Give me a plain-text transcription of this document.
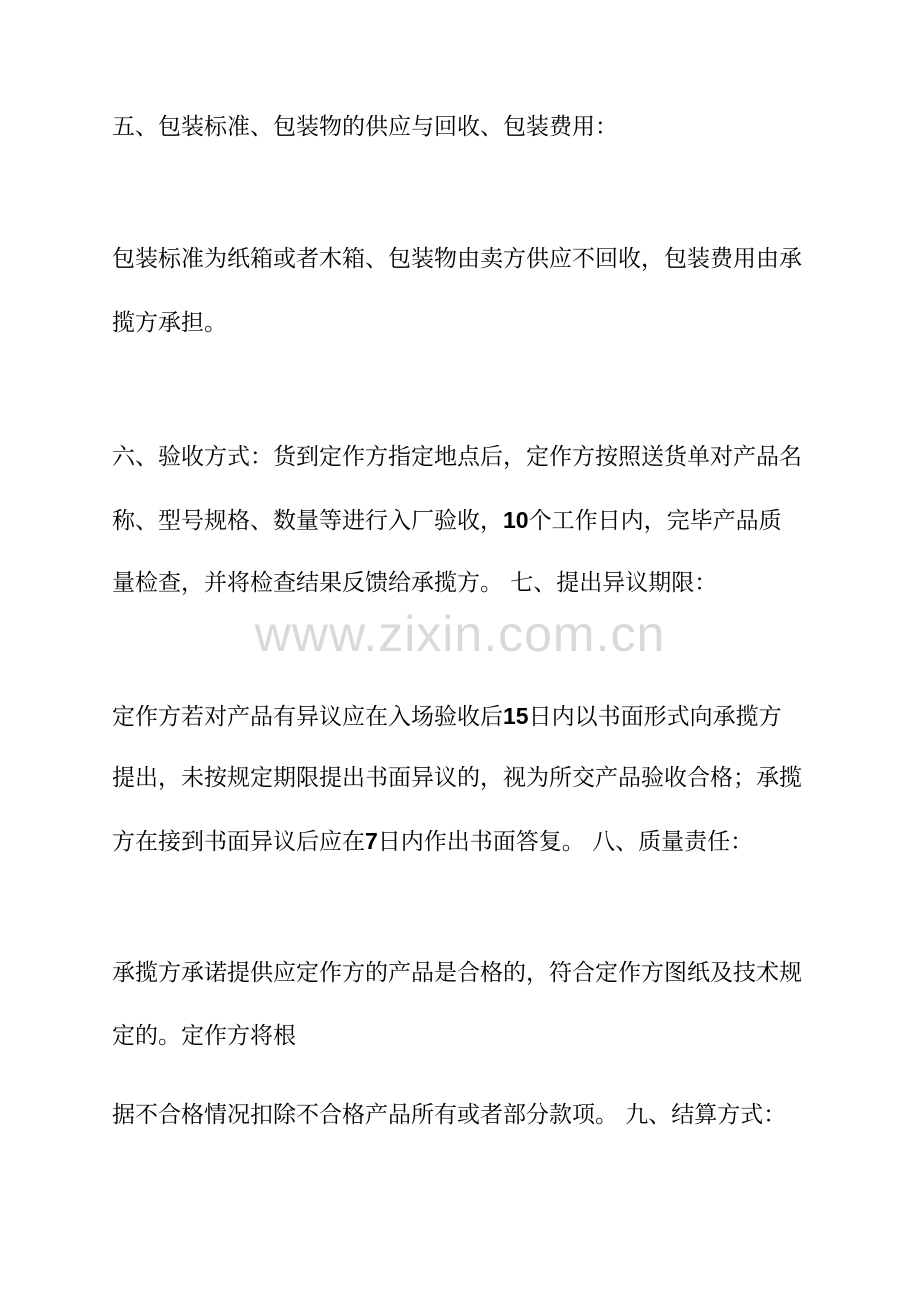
五、包装标准、包装物的供应与回收、包装费用：
包装标准为纸箱或者木箱、包装物由卖方供应不回收，包装费用由承
揽方承担。
六、验收方式：货到定作方指定地点后，定作方按照送货单对产品名
称、型号规格、数量等进行入厂验收，10个工作日内，完毕产品质
量检查，并将检查结果反馈给承揽方。 七、提出异议期限：
www.zixin.com.cn
定作方若对产品有异议应在入场验收后15日内以书面形式向承揽方
提出，未按规定期限提出书面异议的，视为所交产品验收合格；承揽
方在接到书面异议后应在7日内作出书面答复。 八、质量责任：
承揽方承诺提供应定作方的产品是合格的，符合定作方图纸及技术规
定的。定作方将根
据不合格情况扣除不合格产品所有或者部分款项。 九、结算方式：
